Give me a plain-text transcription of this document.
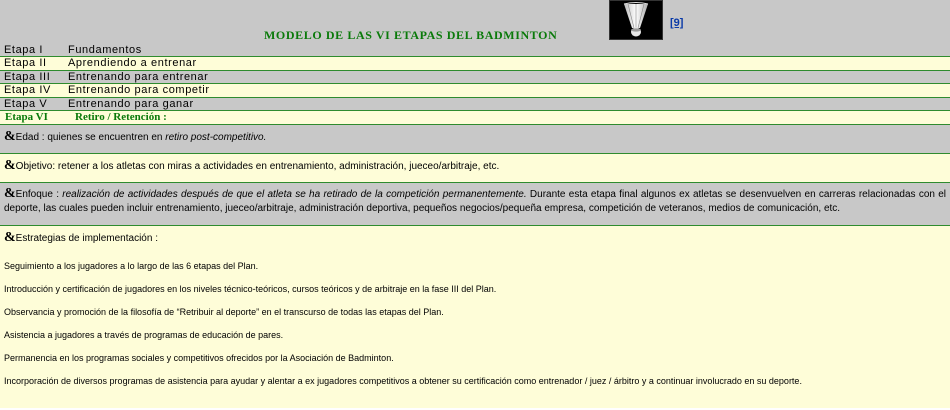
MODELO DE LAS VI ETAPAS DEL BADMINTON
[9]
Etapa I Fundamentos
Etapa II Aprendiendo a entrenar
Etapa III Entrenando para entrenar
Etapa IV Entrenando para competir
Etapa V Entrenando para ganar
Etapa VI Retiro / Retención :
&Edad : quienes se encuentren en retiro post-competitivo.
&Objetivo: retener a los atletas con miras a actividades en entrenamiento, administración, jueceo/arbitraje, etc.
&Enfoque : realización de actividades después de que el atleta se ha retirado de la competición permanentemente. Durante esta etapa final algunos ex atletas se desenvuelven en carreras relacionadas con el deporte, las cuales pueden incluir entrenamiento, jueceo/arbitraje, administración deportiva, pequeños negocios/pequeña empresa, competición de veteranos, medios de comunicación, etc.
&Estrategias de implementación :
Seguimiento a los jugadores a lo largo de las 6 etapas del Plan.
Introducción y certificación de jugadores en los niveles técnico-teóricos, cursos teóricos y de arbitraje en la fase III del Plan.
Observancia y promoción de la filosofía de “Retribuir al deporte” en el transcurso de todas las etapas del Plan.
Asistencia a jugadores a través de programas de educación de pares.
Permanencia en los programas sociales y competitivos ofrecidos por la Asociación de Badminton.
Incorporación de diversos programas de asistencia para ayudar y alentar a ex jugadores competitivos a obtener su certificación como entrenador / juez / árbitro y a continuar involucrado en su deporte.
